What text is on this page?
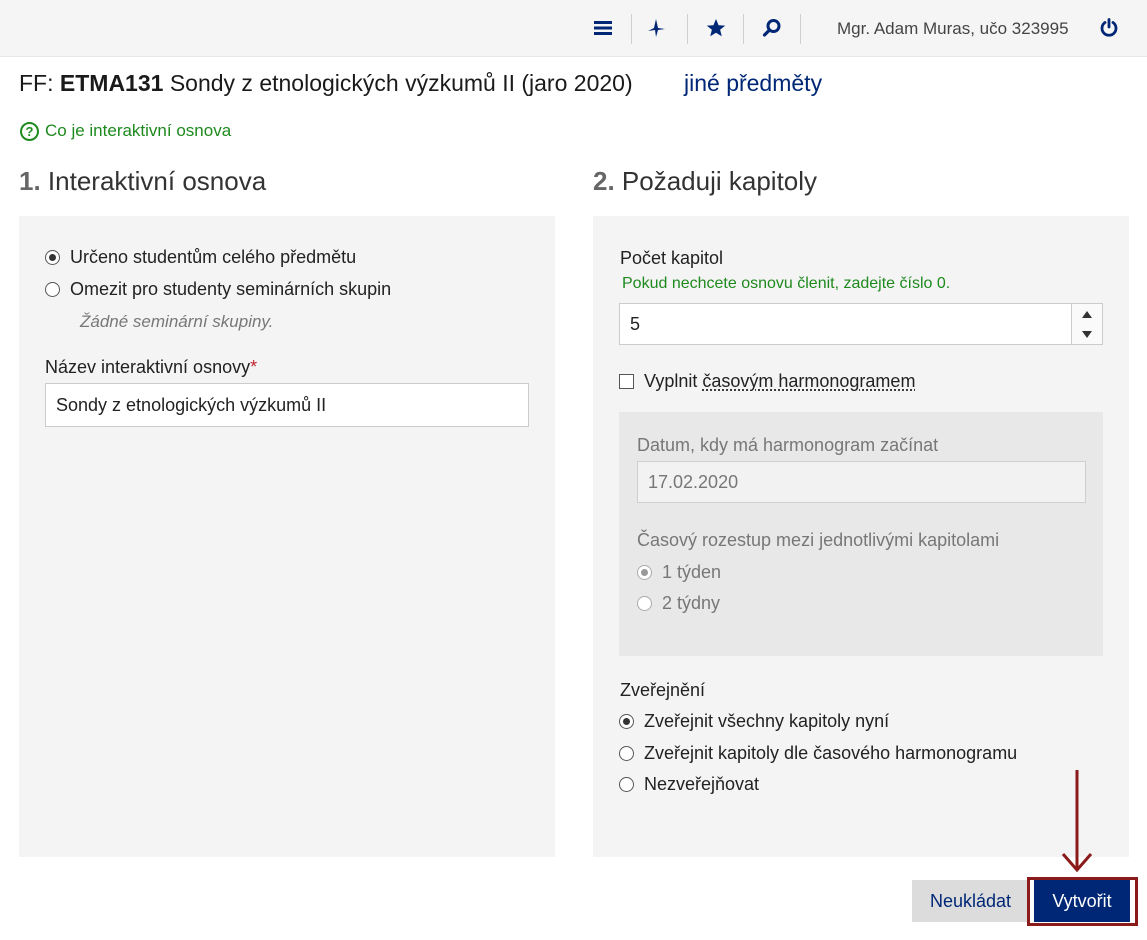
Mgr. Adam Muras, učo 323995
FF: ETMA131 Sondy z etnologických výzkumů II (jaro 2020) jiné předměty
? Co je interaktivní osnova
1. Interaktivní osnova
Určeno studentům celého předmětu
Omezit pro studenty seminárních skupin
Žádné seminární skupiny.
Název interaktivní osnovy*
Sondy z etnologických výzkumů II
2. Požaduji kapitoly
Počet kapitol
Pokud nechcete osnovu členit, zadejte číslo 0.
5
Vyplnit časovým harmonogramem
Datum, kdy má harmonogram začínat
17.02.2020
Časový rozestup mezi jednotlivými kapitolami
1 týden
2 týdny
Zveřejnění
Zveřejnit všechny kapitoly nyní
Zveřejnit kapitoly dle časového harmonogramu
Nezveřejňovat
Neukládat	Vytvořit
